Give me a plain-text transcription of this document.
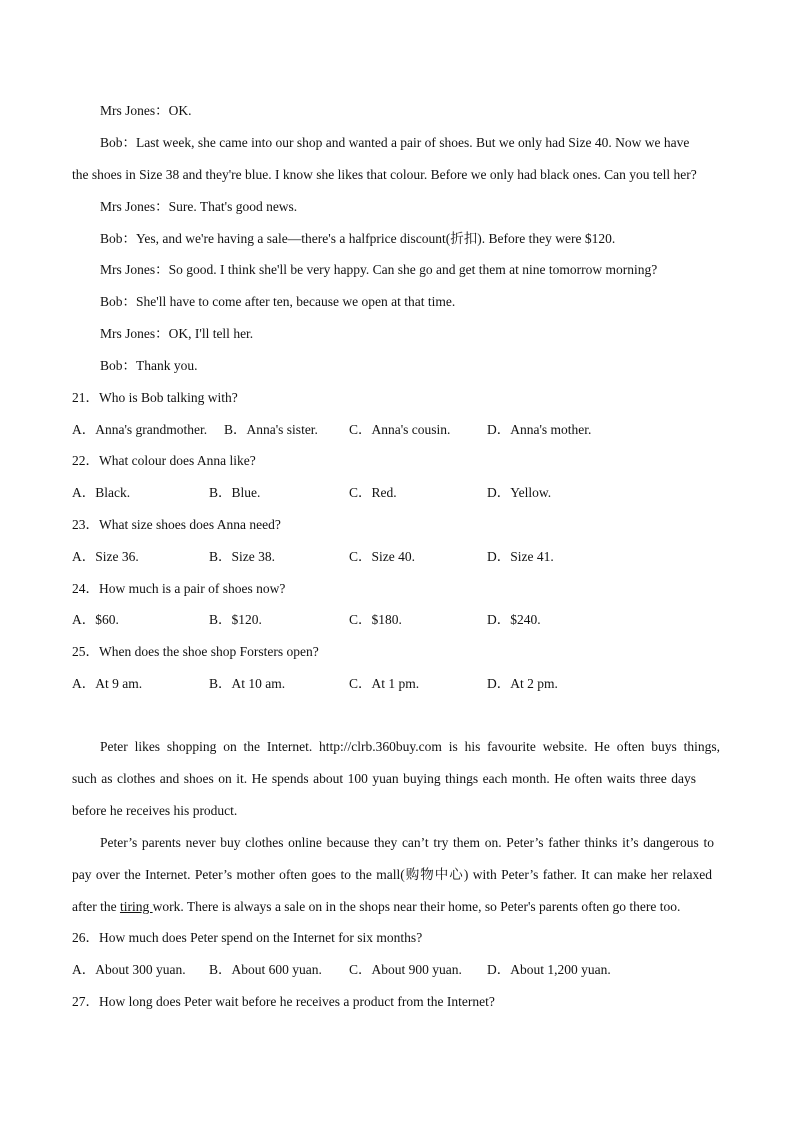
Mrs Jones：OK.
Bob：Last week, she came into our shop and wanted a pair of shoes. But we only had Size 40. Now we have
the shoes in Size 38 and they're blue. I know she likes that colour. Before we only had black ones. Can you tell her?
Mrs Jones：Sure. That's good news.
Bob：Yes, and we're having a sale—there's a halfprice discount(折扣). Before they were $120.
Mrs Jones：So good. I think she'll be very happy. Can she go and get them at nine tomorrow morning?
Bob：She'll have to come after ten, because we open at that time.
Mrs Jones：OK, I'll tell her.
Bob：Thank you.
21．Who is Bob talking with?
A．Anna's grandmother. B．Anna's sister. C．Anna's cousin.	D．Anna's mother.
22．What colour does Anna like?
A．Black.	B．Blue.	C．Red.	D．Yellow.
23．What size shoes does Anna need?
A．Size 36.	B．Size 38.	C．Size 40.	D．Size 41.
24．How much is a pair of shoes now?
A．$60.	B．$120.	C．$180.	D．$240.
25．When does the shoe shop Forsters open?
A．At 9 am.	B．At 10 am.	C．At 1 pm.	D．At 2 pm.
Peter likes shopping on the Internet. http://clrb.360buy.com is his favourite website. He often buys things,
such as clothes and shoes on it. He spends about 100 yuan buying things each month. He often waits three days
before he receives his product.
Peter’s parents never buy clothes online because they can’t try them on. Peter’s father thinks it’s dangerous to
pay over the Internet. Peter’s mother often goes to the mall(购物中心) with Peter’s father. It can make her relaxed
after the tiring work. There is always a sale on in the shops near their home, so Peter's parents often go there too.
26．How much does Peter spend on the Internet for six months?
A．About 300 yuan. B．About 600 yuan. C．About 900 yuan. D．About 1,200 yuan.
27．How long does Peter wait before he receives a product from the Internet?
